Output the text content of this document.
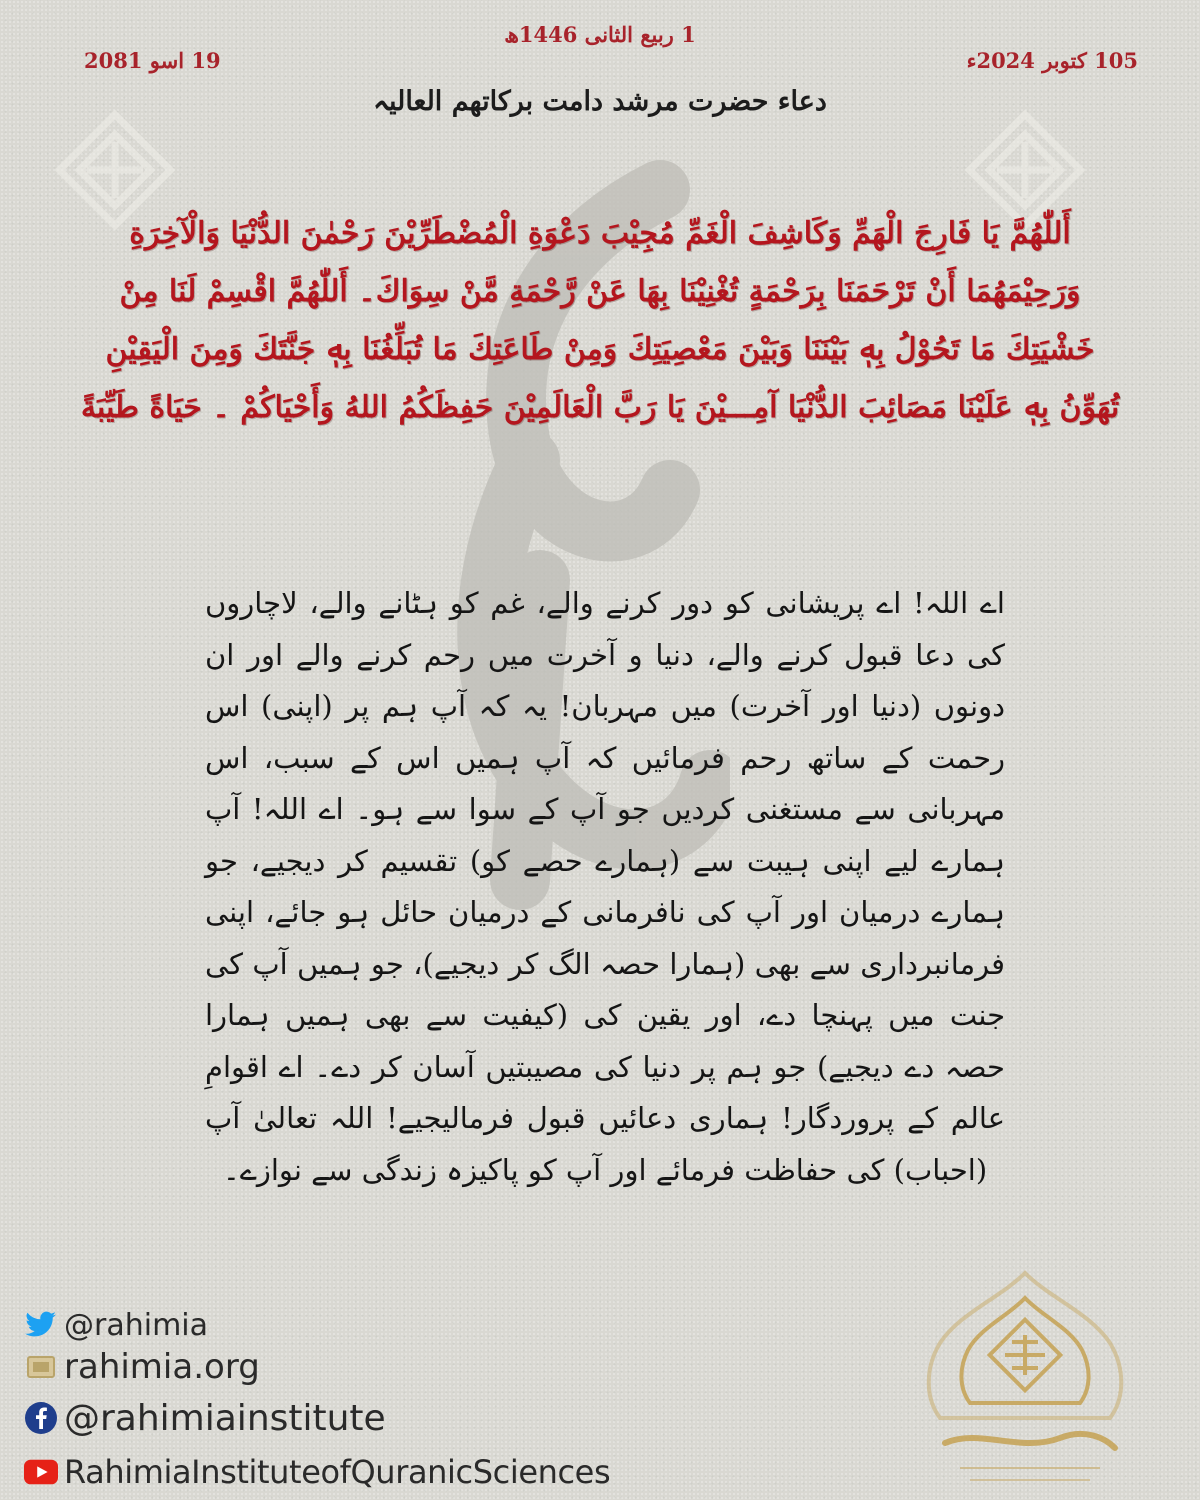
1 ربیع الثانی 1446ھ
105 کتوبر 2024ء
19 اسو 2081
دعاء حضرت مرشد دامت برکاتھم العالیہ
أَللّٰهُمَّ يَا فَارِجَ الْهَمِّ وَكَاشِفَ الْغَمِّ مُجِيْبَ دَعْوَةِ الْمُضْطَرِّيْنَ رَحْمٰنَ الدُّنْيَا وَالْآخِرَةِ وَرَحِيْمَهُمَا أَنْ تَرْحَمَنَا بِرَحْمَةٍ تُغْنِيْنَا بِهَا عَنْ رَّحْمَةِ مَّنْ سِوَاكَ۔ أَللّٰهُمَّ اقْسِمْ لَنَا مِنْ خَشْيَتِكَ مَا تَحُوْلُ بِهٖ بَيْنَنَا وَبَيْنَ مَعْصِيَتِكَ وَمِنْ طَاعَتِكَ مَا تُبَلِّغُنَا بِهٖ جَنَّتَكَ وَمِنَ الْيَقِيْنِ تُهَوِّنُ بِهٖ عَلَيْنَا مَصَائِبَ الدُّنْيَا آمِـــيْنَ يَا رَبَّ الْعَالَمِيْنَ حَفِظَكُمُ اللهُ وَأَحْيَاكُمْ ۔ حَيَاةً طَيِّبَةً
اے اللہ! اے پریشانی کو دور کرنے والے، غم کو ہٹانے والے، لاچاروں کی دعا قبول کرنے والے، دنیا و آخرت میں رحم کرنے والے اور ان دونوں (دنیا اور آخرت) میں مہربان! یہ کہ آپ ہم پر (اپنی) اس رحمت کے ساتھ رحم فرمائیں کہ آپ ہمیں اس کے سبب، اس مہربانی سے مستغنی کردیں جو آپ کے سوا سے ہو۔ اے اللہ! آپ ہمارے لیے اپنی ہیبت سے (ہمارے حصے کو) تقسیم کر دیجیے، جو ہمارے درمیان اور آپ کی نافرمانی کے درمیان حائل ہو جائے، اپنی فرمانبرداری سے بھی (ہمارا حصہ الگ کر دیجیے)، جو ہمیں آپ کی جنت میں پہنچا دے، اور یقین کی (کیفیت سے بھی ہمیں ہمارا حصہ دے دیجیے) جو ہم پر دنیا کی مصیبتیں آسان کر دے۔ اے اقوامِ عالم کے پروردگار! ہماری دعائیں قبول فرمالیجیے! اللہ تعالیٰ آپ (احباب) کی حفاظت فرمائے اور آپ کو پاکیزہ زندگی سے نوازے۔
@rahimia
rahimia.org
@rahimiainstitute
RahimiaInstituteofQuranicSciences
